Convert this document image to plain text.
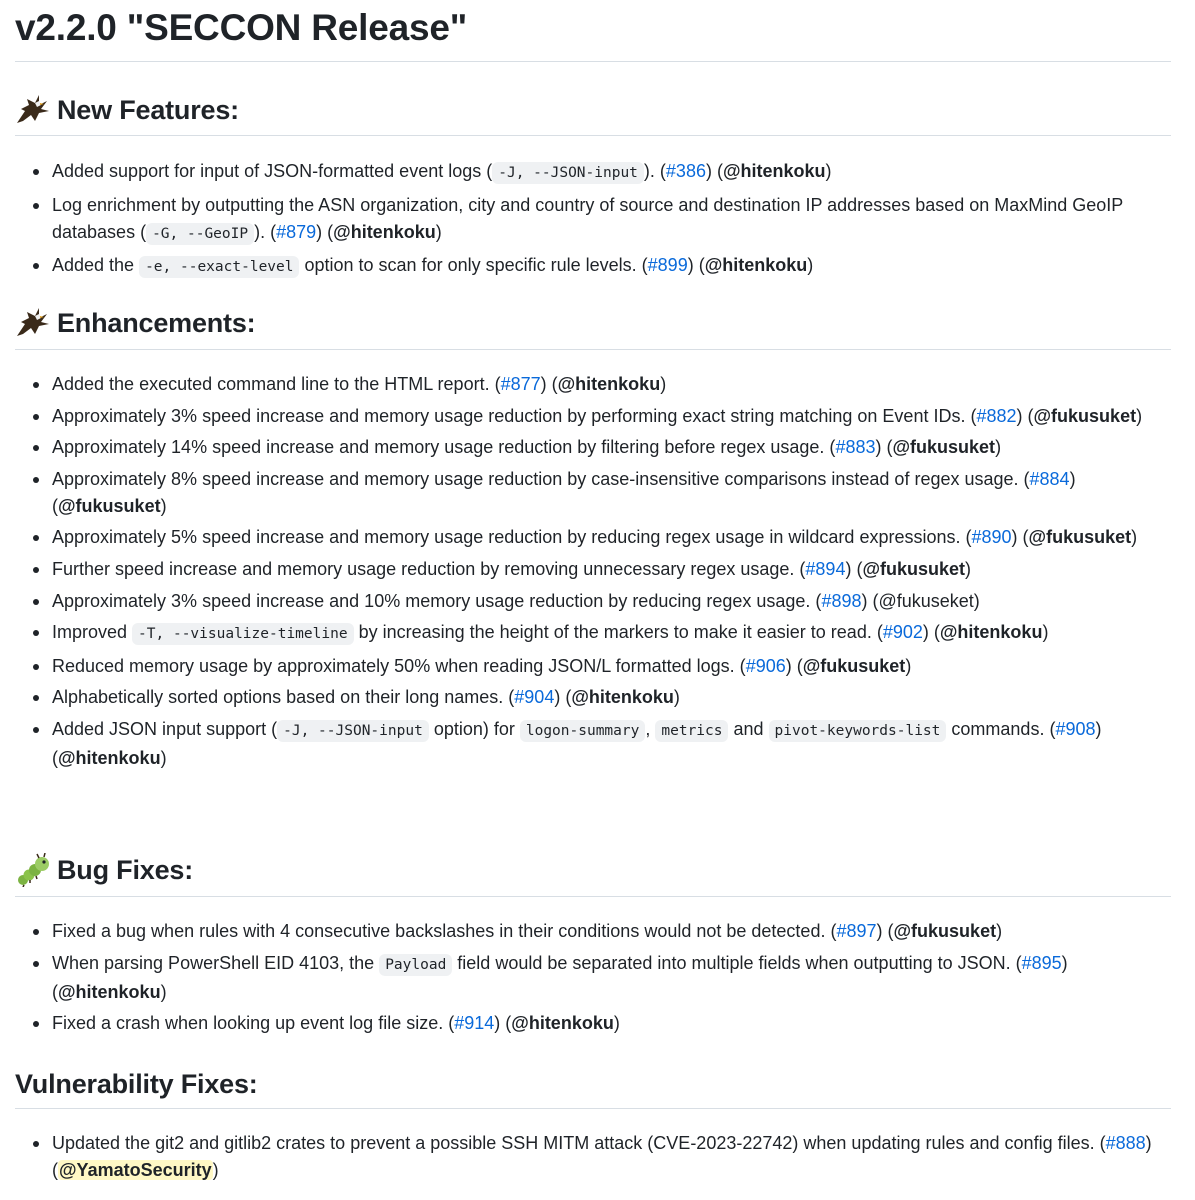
v2.2.0 "SECCON Release"
New Features:
Added support for input of JSON-formatted event logs ( -J, --JSON-input ). (#386) (@hitenkoku)
Log enrichment by outputting the ASN organization, city and country of source and destination IP addresses based on MaxMind GeoIP databases ( -G, --GeoIP ). (#879) (@hitenkoku)
Added the -e, --exact-level option to scan for only specific rule levels. (#899) (@hitenkoku)
Enhancements:
Added the executed command line to the HTML report. (#877) (@hitenkoku)
Approximately 3% speed increase and memory usage reduction by performing exact string matching on Event IDs. (#882) (@fukusuket)
Approximately 14% speed increase and memory usage reduction by filtering before regex usage. (#883) (@fukusuket)
Approximately 8% speed increase and memory usage reduction by case-insensitive comparisons instead of regex usage. (#884) (@fukusuket)
Approximately 5% speed increase and memory usage reduction by reducing regex usage in wildcard expressions. (#890) (@fukusuket)
Further speed increase and memory usage reduction by removing unnecessary regex usage. (#894) (@fukusuket)
Approximately 3% speed increase and 10% memory usage reduction by reducing regex usage. (#898) (@fukuseket)
Improved -T, --visualize-timeline by increasing the height of the markers to make it easier to read. (#902) (@hitenkoku)
Reduced memory usage by approximately 50% when reading JSON/L formatted logs. (#906) (@fukusuket)
Alphabetically sorted options based on their long names. (#904) (@hitenkoku)
Added JSON input support ( -J, --JSON-input option) for logon-summary , metrics and pivot-keywords-list commands. (#908) (@hitenkoku)
Bug Fixes:
Fixed a bug when rules with 4 consecutive backslashes in their conditions would not be detected. (#897) (@fukusuket)
When parsing PowerShell EID 4103, the Payload field would be separated into multiple fields when outputting to JSON. (#895) (@hitenkoku)
Fixed a crash when looking up event log file size. (#914) (@hitenkoku)
Vulnerability Fixes:
Updated the git2 and gitlib2 crates to prevent a possible SSH MITM attack (CVE-2023-22742) when updating rules and config files. (#888) (@YamatoSecurity)
